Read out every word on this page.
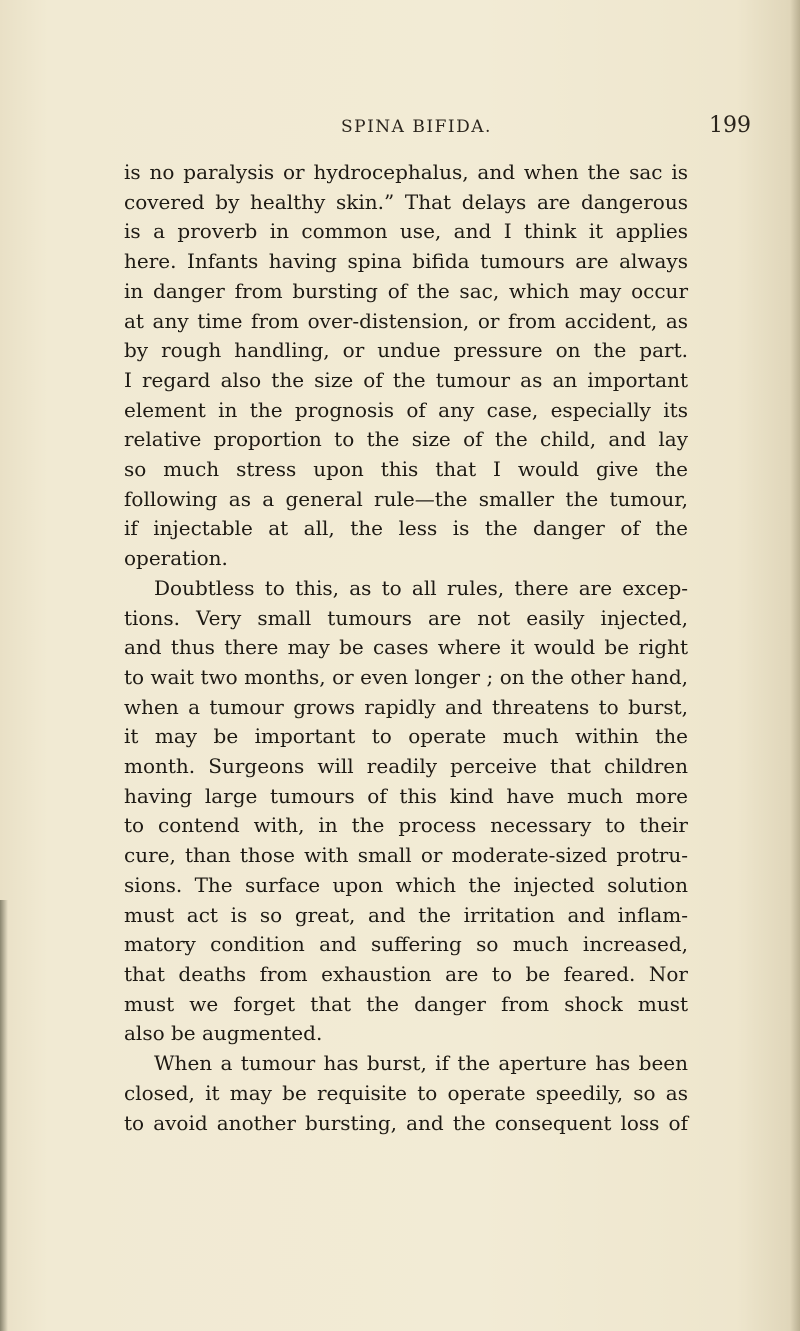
SPINA BIFIDA.	199
is no paralysis or hydrocephalus, and when the sac is
covered by healthy skin.” That delays are dangerous
is a proverb in common use, and I think it applies
here. Infants having spina bifida tumours are always
in danger from bursting of the sac, which may occur
at any time from over-distension, or from accident, as
by rough handling, or undue pressure on the part.
I regard also the size of the tumour as an important
element in the prognosis of any case, especially its
relative proportion to the size of the child, and lay
so much stress upon this that I would give the
following as a general rule—the smaller the tumour,
if injectable at all, the less is the danger of the
operation.
Doubtless to this, as to all rules, there are excep-
tions. Very small tumours are not easily injected,
and thus there may be cases where it would be right
to wait two months, or even longer ; on the other hand,
when a tumour grows rapidly and threatens to burst,
it may be important to operate much within the
month. Surgeons will readily perceive that children
having large tumours of this kind have much more
to contend with, in the process necessary to their
cure, than those with small or moderate-sized protru-
sions. The surface upon which the injected solution
must act is so great, and the irritation and inflam-
matory condition and suffering so much increased,
that deaths from exhaustion are to be feared. Nor
must we forget that the danger from shock must
also be augmented.
When a tumour has burst, if the aperture has been
closed, it may be requisite to operate speedily, so as
to avoid another bursting, and the consequent loss of
